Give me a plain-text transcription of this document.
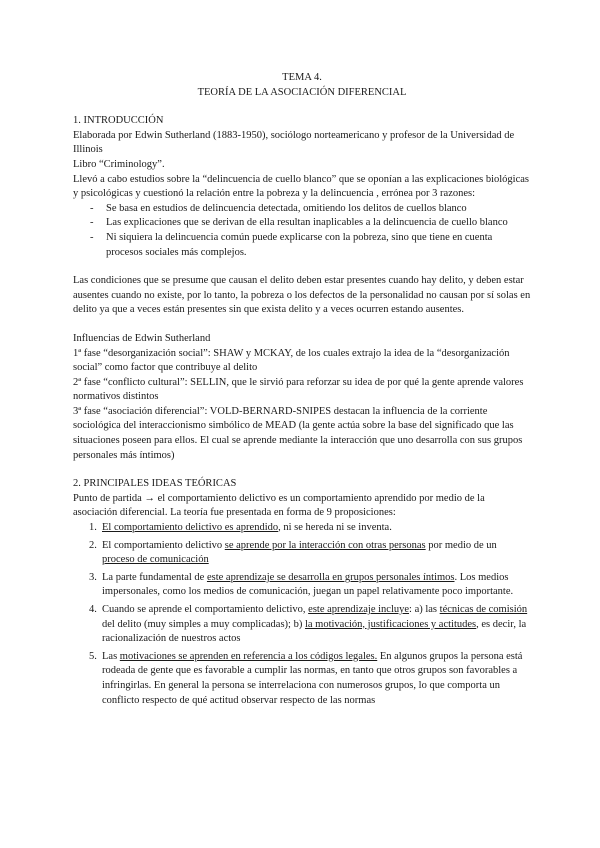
TEMA 4.

TEORÍA DE LA ASOCIACIÓN DIFERENCIAL

1. INTRODUCCIÓN

Elaborada por Edwin Sutherland (1883-1950), sociólogo norteamericano y profesor de la Universidad de Illinois

Libro “Criminology”.

Llevó a cabo estudios sobre la “delincuencia de cuello blanco” que se oponían a las explicaciones biológicas y psicológicas y cuestionó la relación entre la pobreza y la delincuencia , errónea por 3 razones:

- Se basa en estudios de delincuencia detectada, omitiendo los delitos de cuellos blanco
- Las explicaciones que se derivan de ella resultan inaplicables a la delincuencia de cuello blanco
- Ni siquiera la delincuencia común puede explicarse con la pobreza, sino que tiene en cuenta procesos sociales más complejos.

Las condiciones que se presume que causan el delito deben estar presentes cuando hay delito, y deben estar ausentes cuando no existe, por lo tanto, la pobreza o los defectos de la personalidad no causan por sí solas en delito ya que a veces están presentes sin que exista delito y a veces ocurren estando ausentes.

Influencias de Edwin Sutherland

1ª fase “desorganización social”: SHAW y MCKAY, de los cuales extrajo la idea de la “desorganización social” como factor que contribuye al delito

2ª fase “conflicto cultural”: SELLIN, que le sirvió para reforzar su idea de por qué la gente aprende valores normativos distintos

3ª fase “asociación diferencial”: VOLD-BERNARD-SNIPES destacan la influencia de la corriente sociológica del interaccionismo simbólico de MEAD (la gente actúa sobre la base del significado que las situaciones poseen para ellos. El cual se aprende mediante la interacción que uno desarrolla con sus grupos personales más íntimos)

2. PRINCIPALES IDEAS TEÓRICAS

Punto de partida → el comportamiento delictivo es un comportamiento aprendido por medio de la asociación diferencial. La teoría fue presentada en forma de 9 proposiciones:

1. El comportamiento delictivo es aprendido, ni se hereda ni se inventa.
2. El comportamiento delictivo se aprende por la interacción con otras personas por medio de un proceso de comunicación
3. La parte fundamental de este aprendizaje se desarrolla en grupos personales íntimos. Los medios impersonales, como los medios de comunicación, juegan un papel relativamente poco importante.
4. Cuando se aprende el comportamiento delictivo, este aprendizaje incluye: a) las técnicas de comisión del delito (muy simples a muy complicadas); b) la motivación, justificaciones y actitudes, es decir, la racionalización de nuestros actos
5. Las motivaciones se aprenden en referencia a los códigos legales. En algunos grupos la persona está rodeada de gente que es favorable a cumplir las normas, en tanto que otros grupos son favorables a infringirlas. En general la persona se interrelaciona con numerosos grupos, lo que comporta un conflicto respecto de qué actitud observar respecto de las normas
